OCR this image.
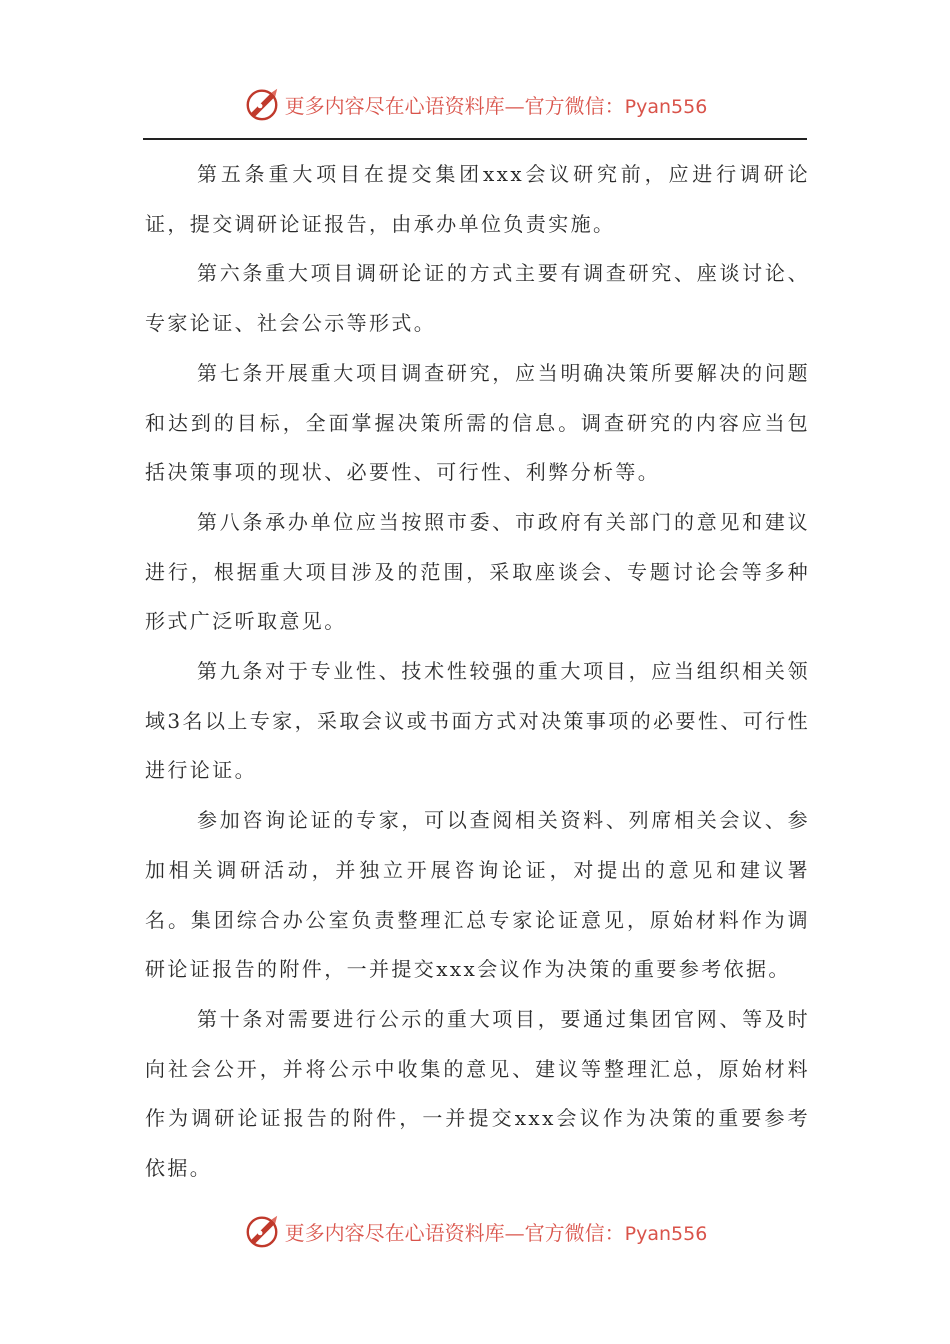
更多内容尽在心语资料库—官方微信：Pyan556

第五条重大项目在提交集团xxx会议研究前，应进行调研论证，提交调研论证报告，由承办单位负责实施。

第六条重大项目调研论证的方式主要有调查研究、座谈讨论、专家论证、社会公示等形式。

第七条开展重大项目调查研究，应当明确决策所要解决的问题和达到的目标，全面掌握决策所需的信息。调查研究的内容应当包括决策事项的现状、必要性、可行性、利弊分析等。

第八条承办单位应当按照市委、市政府有关部门的意见和建议进行，根据重大项目涉及的范围，采取座谈会、专题讨论会等多种形式广泛听取意见。

第九条对于专业性、技术性较强的重大项目，应当组织相关领域3名以上专家，采取会议或书面方式对决策事项的必要性、可行性进行论证。

参加咨询论证的专家，可以查阅相关资料、列席相关会议、参加相关调研活动，并独立开展咨询论证，对提出的意见和建议署名。集团综合办公室负责整理汇总专家论证意见，原始材料作为调研论证报告的附件，一并提交xxx会议作为决策的重要参考依据。

第十条对需要进行公示的重大项目，要通过集团官网、等及时向社会公开，并将公示中收集的意见、建议等整理汇总，原始材料作为调研论证报告的附件，一并提交xxx会议作为决策的重要参考依据。

更多内容尽在心语资料库—官方微信：Pyan556
